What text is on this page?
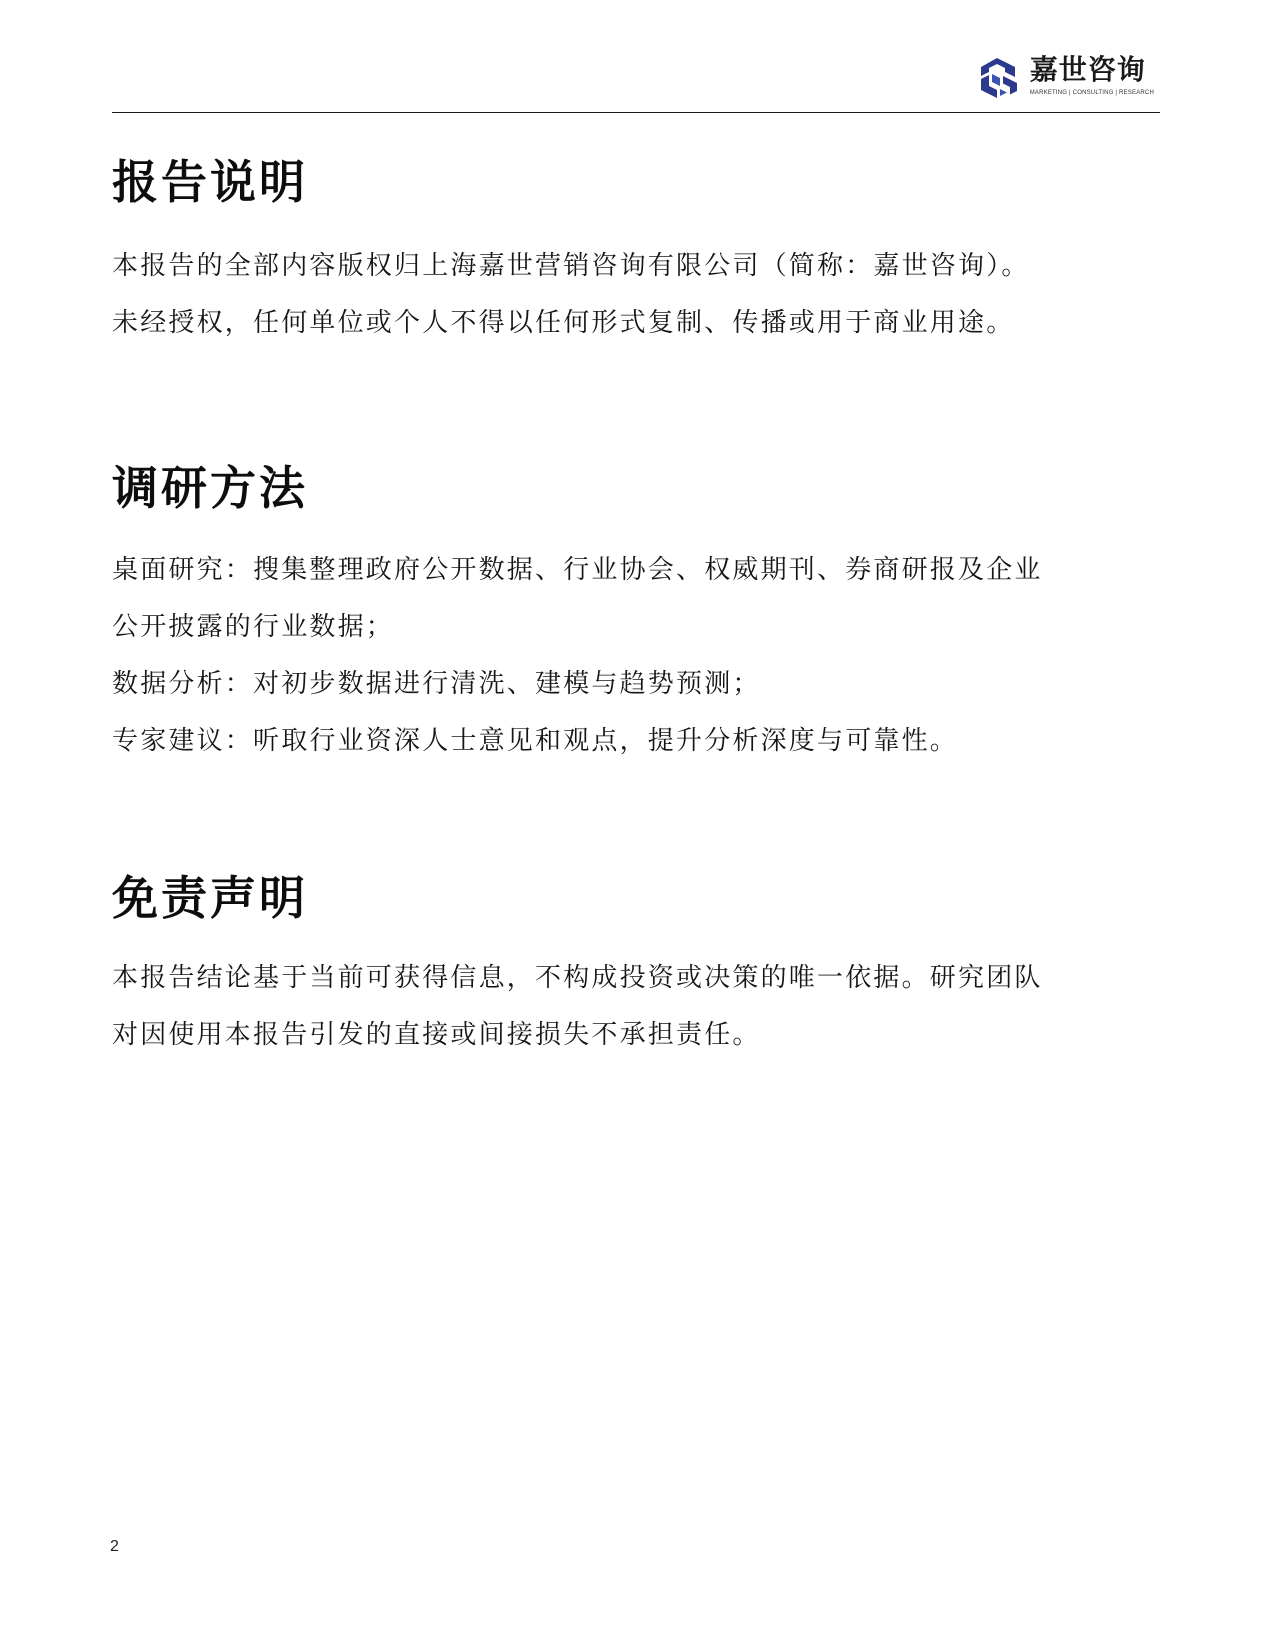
嘉世咨询
MARKETING | CONSULTING | RESEARCH
报告说明

本报告的全部内容版权归上海嘉世营销咨询有限公司（简称：嘉世咨询）。

未经授权，任何单位或个人不得以任何形式复制、传播或用于商业用途。

调研方法

桌面研究：搜集整理政府公开数据、行业协会、权威期刊、券商研报及企业

公开披露的行业数据；

数据分析：对初步数据进行清洗、建模与趋势预测；

专家建议：听取行业资深人士意见和观点，提升分析深度与可靠性。

免责声明

本报告结论基于当前可获得信息，不构成投资或决策的唯一依据。研究团队

对因使用本报告引发的直接或间接损失不承担责任。

2
